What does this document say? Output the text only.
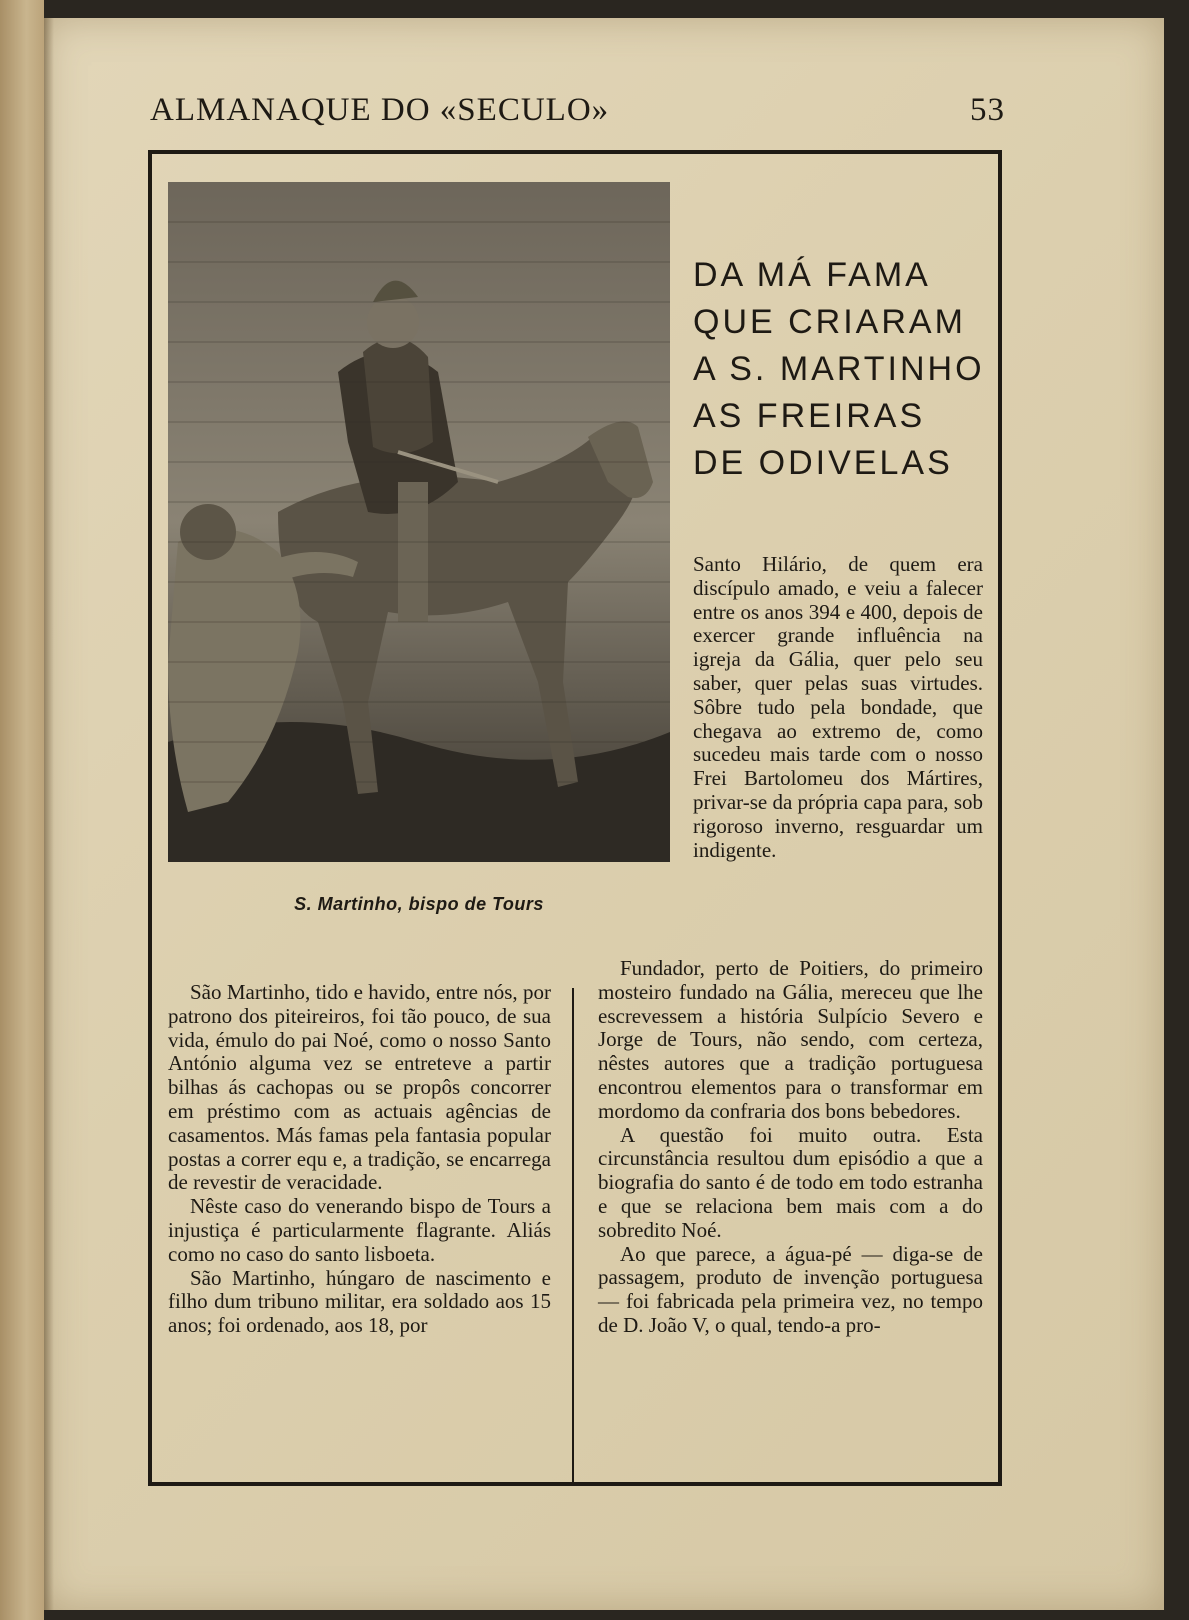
ALMANAQUE DO «SECULO»	53
S. Martinho, bispo de Tours
DA MÁ FAMA
QUE CRIARAM
A S. MARTINHO
AS FREIRAS
DE ODIVELAS

Santo Hilário, de quem era discípulo amado, e veiu a falecer entre os anos 394 e 400, depois de exercer grande influência na igreja da Gália, quer pelo seu saber, quer pelas suas virtudes. Sôbre tudo pela bondade, que chegava ao extremo de, como sucedeu mais tarde com o nosso Frei Bartolomeu dos Mártires, privar-se da própria capa para, sob rigoroso inverno, resguardar um indigente.

São Martinho, tido e havido, entre nós, por patrono dos piteireiros, foi tão pouco, de sua vida, émulo do pai Noé, como o nosso Santo António alguma vez se entreteve a partir bilhas ás cachopas ou se propôs concorrer em préstimo com as actuais agências de casamentos. Más famas pela fantasia popular postas a correr equ e, a tradição, se encarrega de revestir de veracidade.

Nêste caso do venerando bispo de Tours a injustiça é particularmente flagrante. Aliás como no caso do santo lisboeta.

São Martinho, húngaro de nascimento e filho dum tribuno militar, era soldado aos 15 anos; foi ordenado, aos 18, por

Fundador, perto de Poitiers, do primeiro mosteiro fundado na Gália, mereceu que lhe escrevessem a história Sulpício Severo e Jorge de Tours, não sendo, com certeza, nêstes autores que a tradição portuguesa encontrou elementos para o transformar em mordomo da confraria dos bons bebedores.

A questão foi muito outra. Esta circunstância resultou dum episódio a que a biografia do santo é de todo em todo estranha e que se relaciona bem mais com a do sobredito Noé.

Ao que parece, a água-pé — diga-se de passagem, produto de invenção portuguesa — foi fabricada pela primeira vez, no tempo de D. João V, o qual, tendo-a pro-
